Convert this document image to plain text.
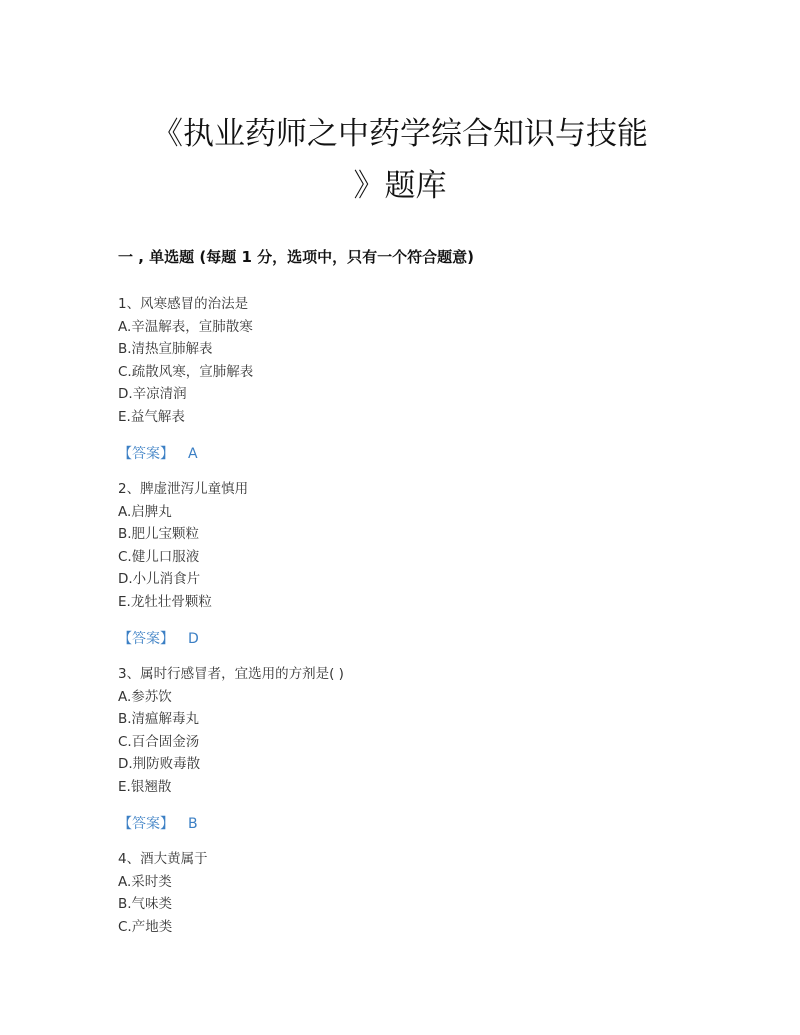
《执业药师之中药学综合知识与技能
》题库
一 , 单选题 (每题 1 分，选项中，只有一个符合题意)
1、风寒感冒的治法是
A.辛温解表，宣肺散寒
B.清热宣肺解表
C.疏散风寒，宣肺解表
D.辛凉清润
E.益气解表
【答案】 A
2、脾虚泄泻儿童慎用
A.启脾丸
B.肥儿宝颗粒
C.健儿口服液
D.小儿消食片
E.龙牡壮骨颗粒
【答案】 D
3、属时行感冒者，宜选用的方剂是( )
A.参苏饮
B.清瘟解毒丸
C.百合固金汤
D.荆防败毒散
E.银翘散
【答案】 B
4、酒大黄属于
A.采时类
B.气味类
C.产地类
